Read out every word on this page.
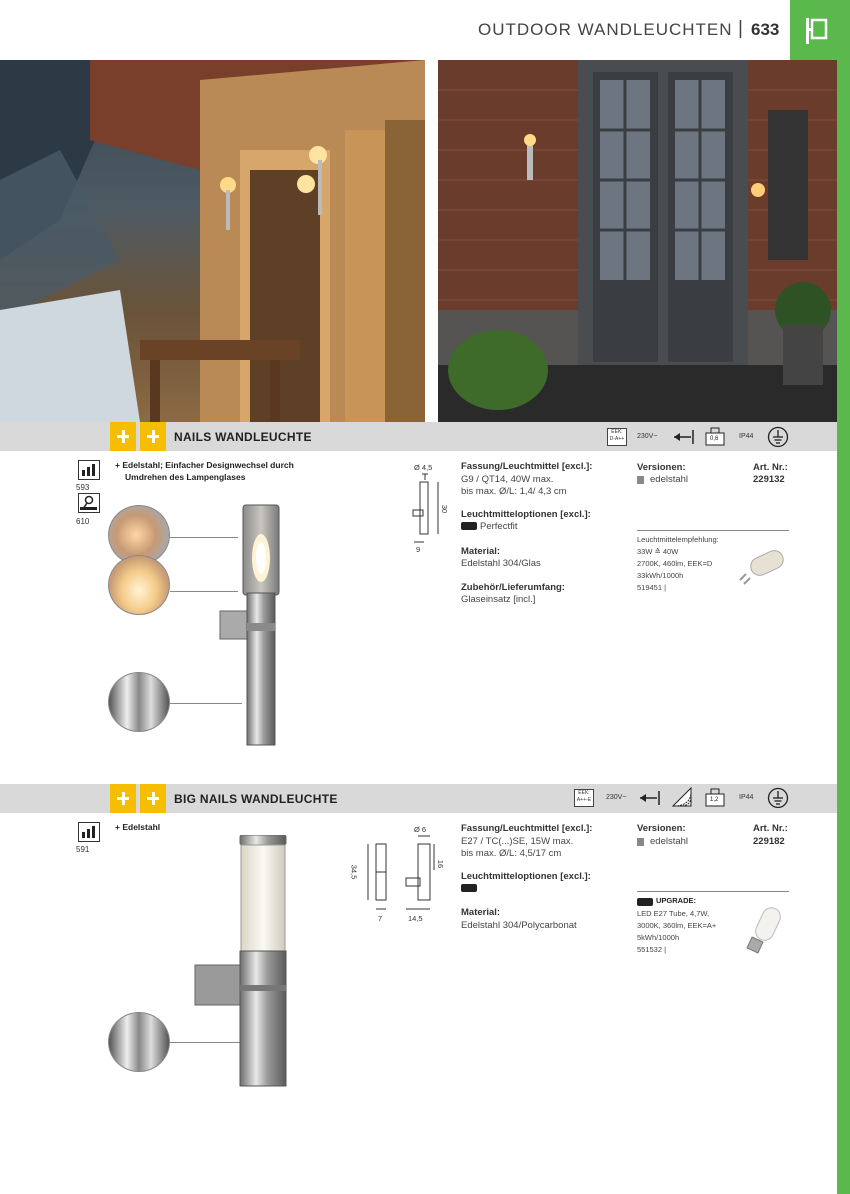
OUTDOOR WANDLEUCHTEN | 633
NAILS WANDLEUCHTE	EEK: D-A++	230V~	0,6	IP44
593
610
+ Edelstahl; Einfacher Designwechsel durch
Umdrehen des Lampenglases
Ø 4,5
30
9
Fassung/Leuchtmittel [excl.]:
G9 / QT14, 40W max.
bis max. Ø/L: 1,4/ 4,3 cm
Leuchtmitteloptionen [excl.]:
Perfectfit
Material:
Edelstahl 304/Glas
Zubehör/Lieferumfang:
Glaseinsatz [incl.]
Versionen:	Art. Nr.:
edelstahl	229132
Leuchtmittelempfehlung:
33W ≙ 40W
2700K, 460lm, EEK=D
33kWh/1000h
519451 |
BIG NAILS WANDLEUCHTE	EEK: A++-E	230V~	1,2	IP44
591
+ Edelstahl	Ø 6
34,5
16
7	14,5
Fassung/Leuchtmittel [excl.]:
E27 / TC(...)SE, 15W max.
bis max. Ø/L: 4,5/17 cm
Leuchtmitteloptionen [excl.]:
Material:
Edelstahl 304/Polycarbonat
Versionen:	Art. Nr.:
edelstahl	229182
UPGRADE:
LED E27 Tube, 4,7W,
3000K, 360lm, EEK=A+
5kWh/1000h
551532 |
